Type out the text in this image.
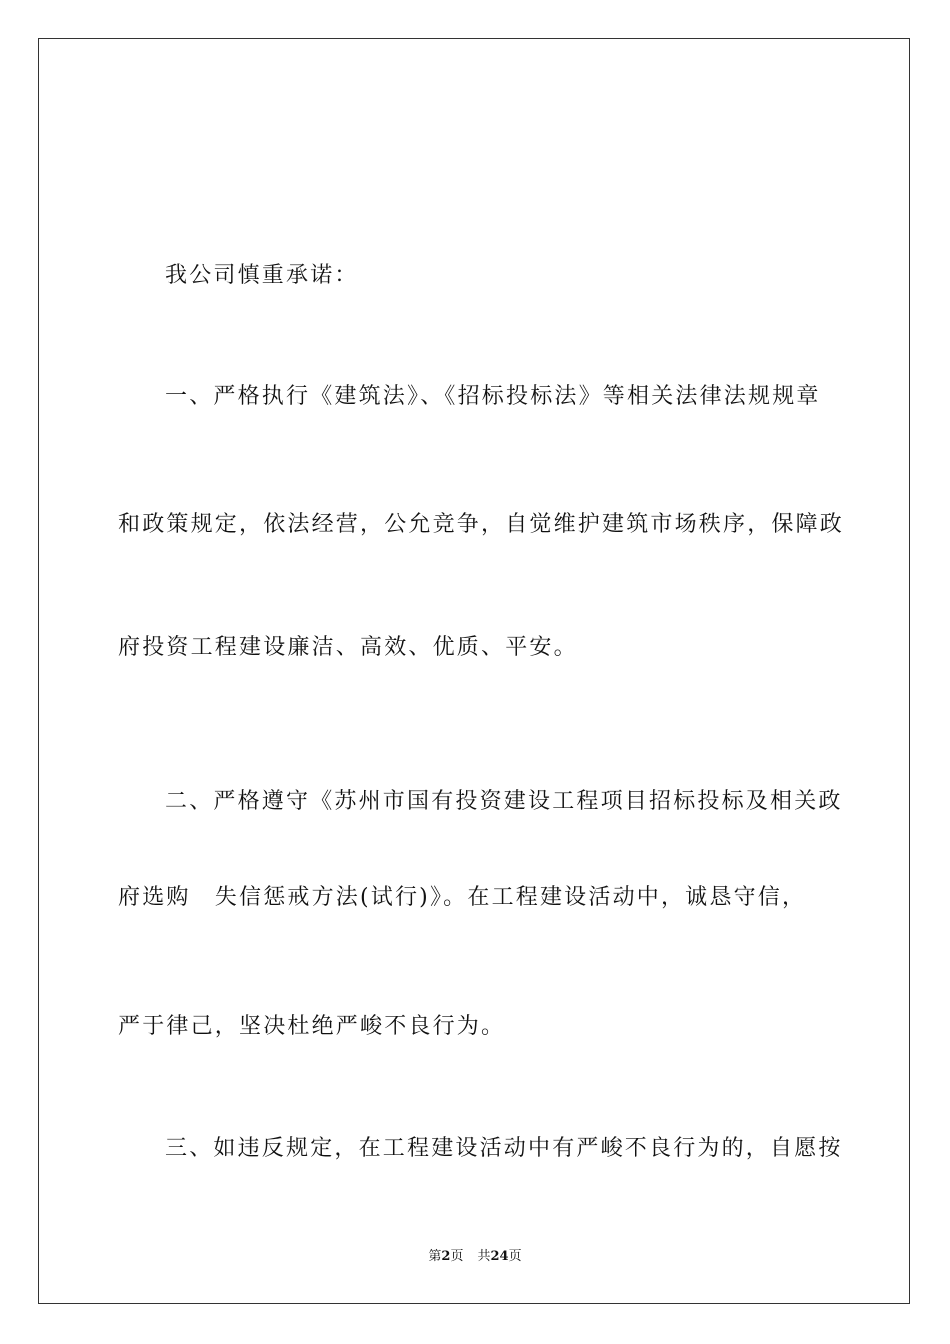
我公司慎重承诺：
一、严格执行《建筑法》、《招标投标法》等相关法律法规规章
和政策规定，依法经营，公允竞争，自觉维护建筑市场秩序，保障政
府投资工程建设廉洁、高效、优质、平安。
二、严格遵守《苏州市国有投资建设工程项目招标投标及相关政
府选购　失信惩戒方法(试行)》。在工程建设活动中，诚恳守信，
严于律己，坚决杜绝严峻不良行为。
三、如违反规定，在工程建设活动中有严峻不良行为的，自愿按
第2页 共24页
